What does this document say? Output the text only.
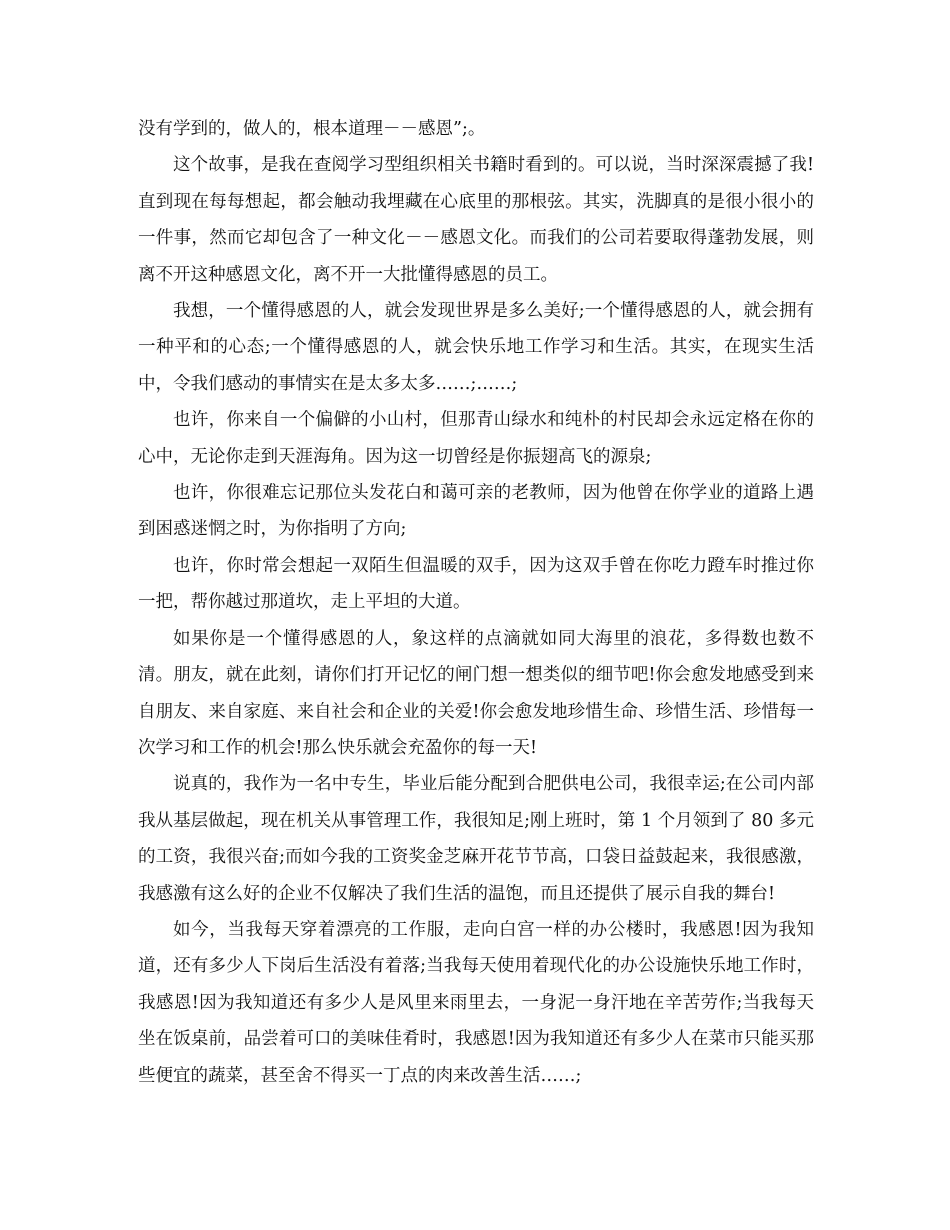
没有学到的，做人的，根本道理－－感恩”;。

这个故事，是我在查阅学习型组织相关书籍时看到的。可以说，当时深深震撼了我!直到现在每每想起，都会触动我埋藏在心底里的那根弦。其实，洗脚真的是很小很小的一件事，然而它却包含了一种文化－－感恩文化。而我们的公司若要取得蓬勃发展，则离不开这种感恩文化，离不开一大批懂得感恩的员工。

我想，一个懂得感恩的人，就会发现世界是多么美好;一个懂得感恩的人，就会拥有一种平和的心态;一个懂得感恩的人，就会快乐地工作学习和生活。其实，在现实生活中，令我们感动的事情实在是太多太多……;……;

也许，你来自一个偏僻的小山村，但那青山绿水和纯朴的村民却会永远定格在你的心中，无论你走到天涯海角。因为这一切曾经是你振翅高飞的源泉;

也许，你很难忘记那位头发花白和蔼可亲的老教师，因为他曾在你学业的道路上遇到困惑迷惘之时，为你指明了方向;

也许，你时常会想起一双陌生但温暖的双手，因为这双手曾在你吃力蹬车时推过你一把，帮你越过那道坎，走上平坦的大道。

如果你是一个懂得感恩的人，象这样的点滴就如同大海里的浪花，多得数也数不清。朋友，就在此刻，请你们打开记忆的闸门想一想类似的细节吧!你会愈发地感受到来自朋友、来自家庭、来自社会和企业的关爱!你会愈发地珍惜生命、珍惜生活、珍惜每一次学习和工作的机会!那么快乐就会充盈你的每一天!

说真的，我作为一名中专生，毕业后能分配到合肥供电公司，我很幸运;在公司内部我从基层做起，现在机关从事管理工作，我很知足;刚上班时，第 1 个月领到了 80 多元的工资，我很兴奋;而如今我的工资奖金芝麻开花节节高，口袋日益鼓起来，我很感激，我感激有这么好的企业不仅解决了我们生活的温饱，而且还提供了展示自我的舞台!

如今，当我每天穿着漂亮的工作服，走向白宫一样的办公楼时，我感恩!因为我知道，还有多少人下岗后生活没有着落;当我每天使用着现代化的办公设施快乐地工作时，我感恩!因为我知道还有多少人是风里来雨里去，一身泥一身汗地在辛苦劳作;当我每天坐在饭桌前，品尝着可口的美味佳肴时，我感恩!因为我知道还有多少人在菜市只能买那些便宜的蔬菜，甚至舍不得买一丁点的肉来改善生活……;
